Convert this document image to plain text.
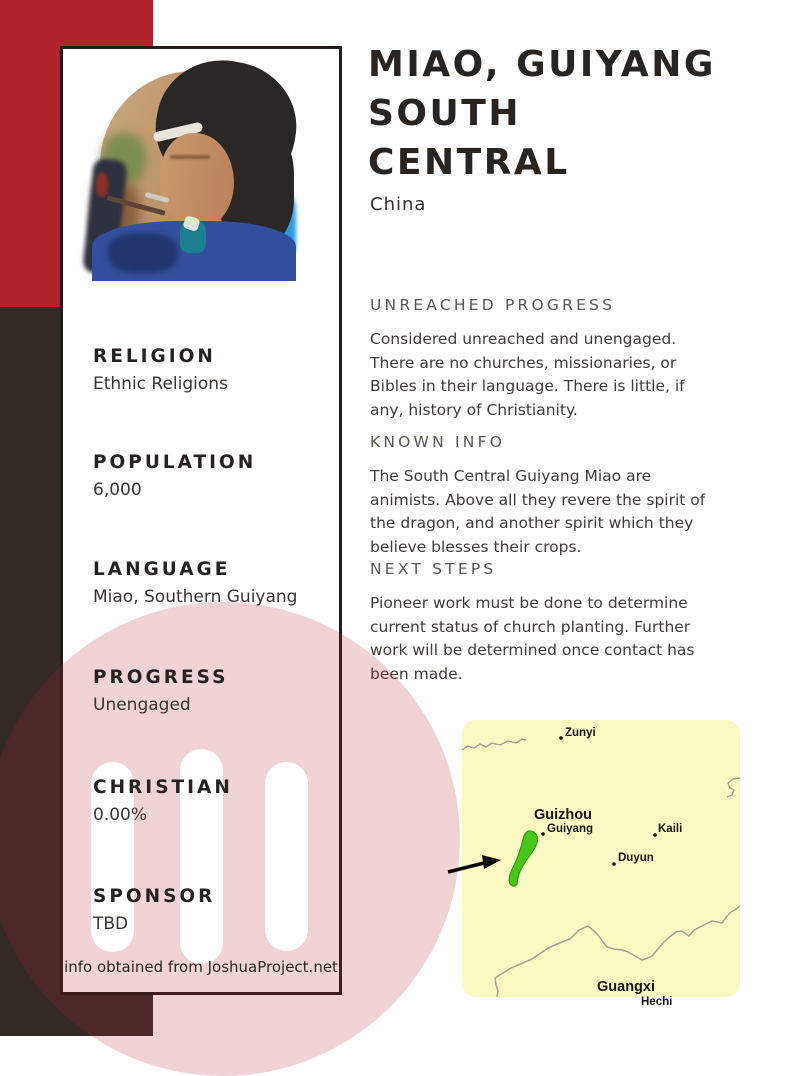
RELIGION
Ethnic Religions
POPULATION
6,000
LANGUAGE
Miao, Southern Guiyang
PROGRESS
Unengaged
CHRISTIAN
0.00%
SPONSOR
TBD
info obtained from JoshuaProject.net
MIAO, GUIYANG
SOUTH
CENTRAL
China
UNREACHED PROGRESS
Considered unreached and unengaged. There are no churches, missionaries, or Bibles in their language. There is little, if any, history of Christianity.
KNOWN INFO
The South Central Guiyang Miao are animists. Above all they revere the spirit of the dragon, and another spirit which they believe blesses their crops.
NEXT STEPS
Pioneer work must be done to determine current status of church planting. Further work will be determined once contact has been made.
Zunyi
Guizhou
Guiyang	Kaili
Duyun
Guangxi
Hechi
